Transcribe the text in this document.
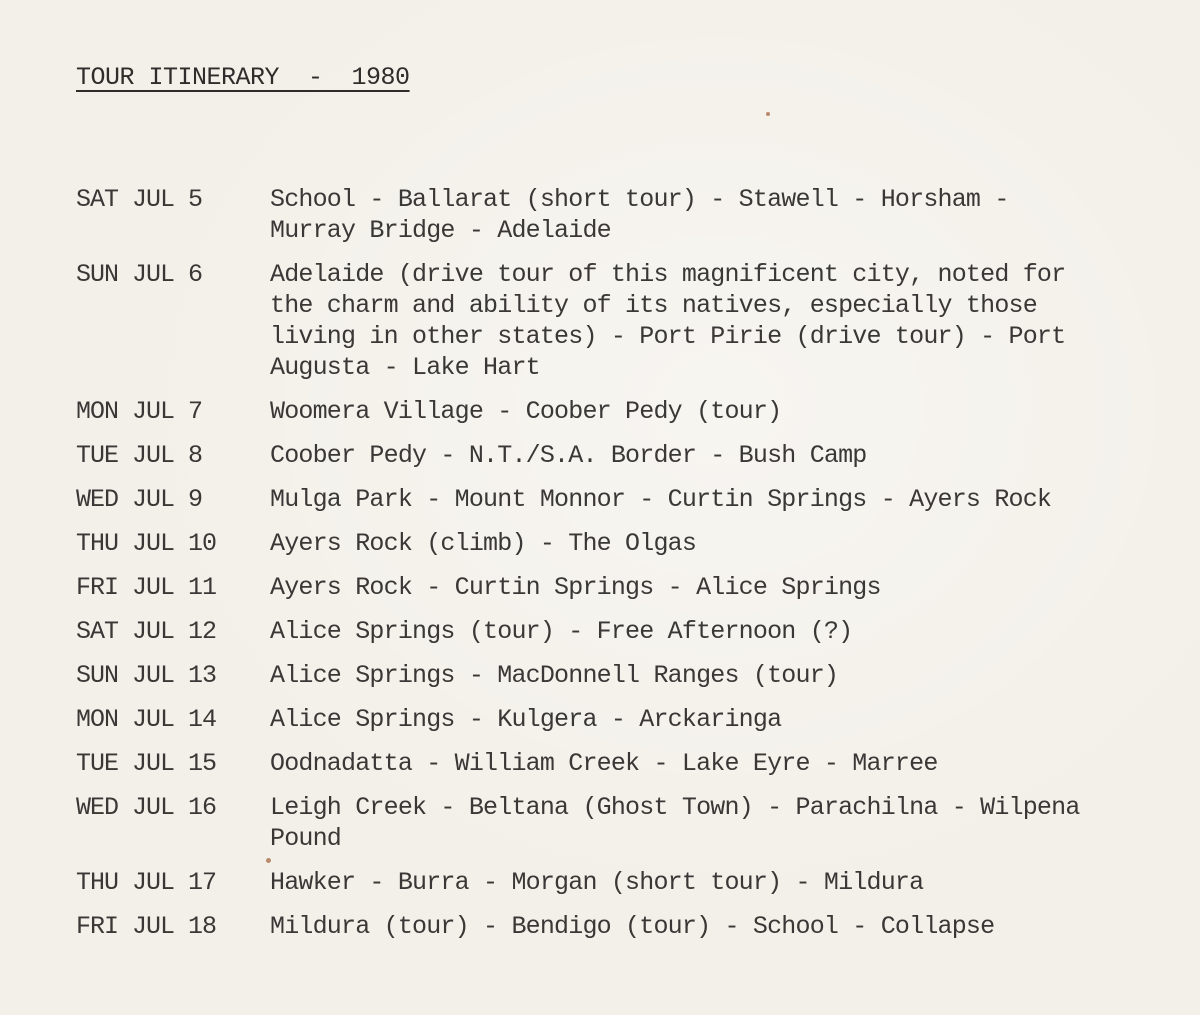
TOUR ITINERARY  -  1980
SAT JUL 5	School - Ballarat (short tour) - Stawell - Horsham -
Murray Bridge - Adelaide
SUN JUL 6	Adelaide (drive tour of this magnificent city, noted for
the charm and ability of its natives, especially those
living in other states) - Port Pirie (drive tour) - Port
Augusta - Lake Hart
MON JUL 7	Woomera Village - Coober Pedy (tour)
TUE JUL 8	Coober Pedy - N.T./S.A. Border - Bush Camp
WED JUL 9	Mulga Park - Mount Monnor - Curtin Springs - Ayers Rock
THU JUL 10	Ayers Rock (climb) - The Olgas
FRI JUL 11	Ayers Rock - Curtin Springs - Alice Springs
SAT JUL 12	Alice Springs (tour) - Free Afternoon (?)
SUN JUL 13	Alice Springs - MacDonnell Ranges (tour)
MON JUL 14	Alice Springs - Kulgera - Arckaringa
TUE JUL 15	Oodnadatta - William Creek - Lake Eyre - Marree
WED JUL 16	Leigh Creek - Beltana (Ghost Town) - Parachilna - Wilpena
Pound
THU JUL 17	Hawker - Burra - Morgan (short tour) - Mildura
FRI JUL 18	Mildura (tour) - Bendigo (tour) - School - Collapse
